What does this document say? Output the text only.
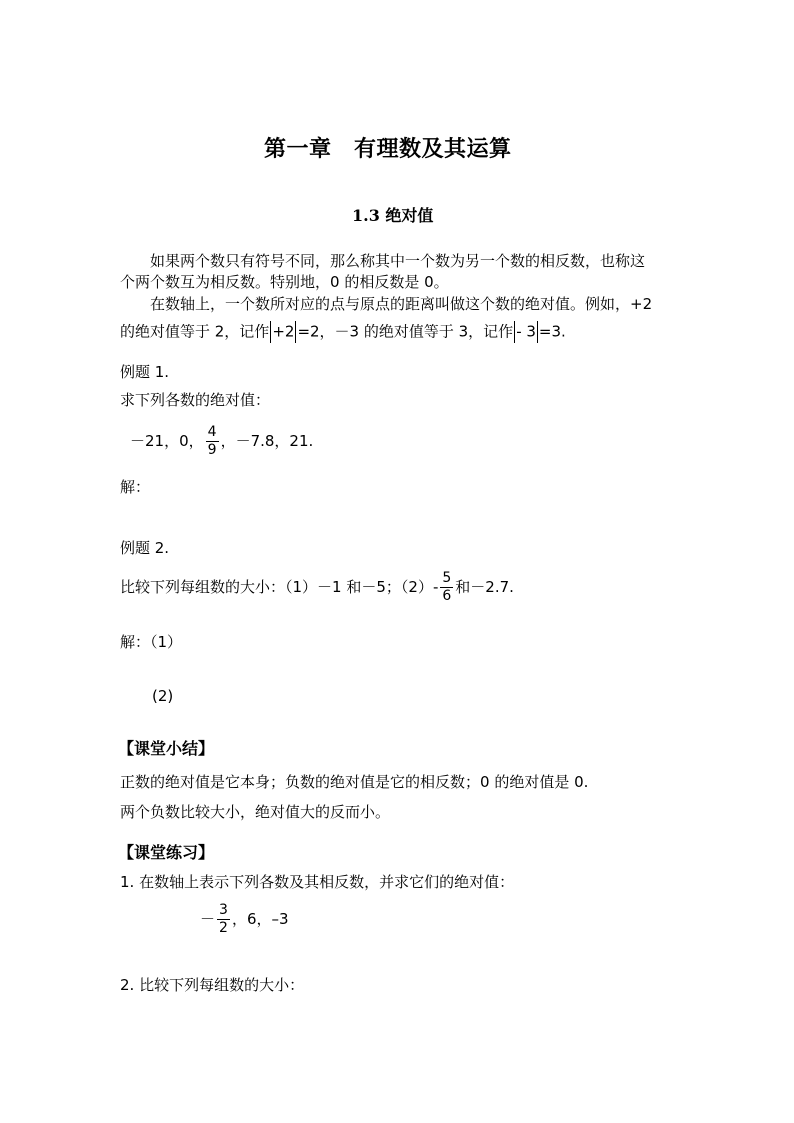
第一章　有理数及其运算
1.3 绝对值
如果两个数只有符号不同，那么称其中一个数为另一个数的相反数，也称这
个两个数互为相反数。特别地，0 的相反数是 0。
在数轴上，一个数所对应的点与原点的距离叫做这个数的绝对值。例如，+2
的绝对值等于 2，记作 +2 =2，－3 的绝对值等于 3，记作 - 3 =3.
例题 1.
求下列各数的绝对值：
－21，0， $\frac{4}{9}$ ，－7.8，21.
解：
例题 2.
比较下列每组数的大小：（1）－1 和－5；$(2)- \frac{5}{6}$ 和－2.7.
解：（1）
(2)
【课堂小结】
正数的绝对值是它本身；负数的绝对值是它的相反数；0 的绝对值是 0.
两个负数比较大小，绝对值大的反而小。
【课堂练习】
1. 在数轴上表示下列各数及其相反数，并求它们的绝对值：
－ $\frac{3}{2}$ ，6，–3
2. 比较下列每组数的大小：
